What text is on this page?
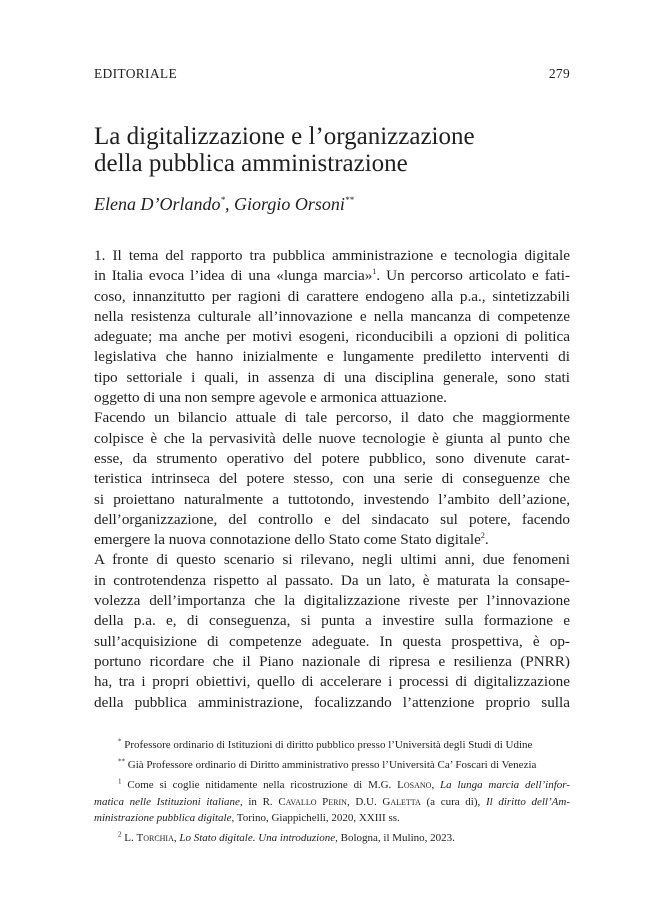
EDITORIALE	279
La digitalizzazione e l’organizzazione
della pubblica amministrazione
Elena D’Orlando*, Giorgio Orsoni**
1. Il tema del rapporto tra pubblica amministrazione e tecnologia digitale
in Italia evoca l’idea di una «lunga marcia»$^1$. Un percorso articolato e fati-
coso, innanzitutto per ragioni di carattere endogeno alla p.a., sintetizzabili
nella resistenza culturale all’innovazione e nella mancanza di competenze
adeguate; ma anche per motivi esogeni, riconducibili a opzioni di politica
legislativa che hanno inizialmente e lungamente prediletto interventi di
tipo settoriale i quali, in assenza di una disciplina generale, sono stati
oggetto di una non sempre agevole e armonica attuazione.
Facendo un bilancio attuale di tale percorso, il dato che maggiormente
colpisce è che la pervasività delle nuove tecnologie è giunta al punto che
esse, da strumento operativo del potere pubblico, sono divenute carat-
teristica intrinseca del potere stesso, con una serie di conseguenze che
si proiettano naturalmente a tuttotondo, investendo l’ambito dell’azione,
dell’organizzazione, del controllo e del sindacato sul potere, facendo
emergere la nuova connotazione dello Stato come Stato digitale$^2$.
A fronte di questo scenario si rilevano, negli ultimi anni, due fenomeni
in controtendenza rispetto al passato. Da un lato, è maturata la consape-
volezza dell’importanza che la digitalizzazione riveste per l’innovazione
della p.a. e, di conseguenza, si punta a investire sulla formazione e
sull’acquisizione di competenze adeguate. In questa prospettiva, è op-
portuno ricordare che il Piano nazionale di ripresa e resilienza (PNRR)
ha, tra i propri obiettivi, quello di accelerare i processi di digitalizzazione
della pubblica amministrazione, focalizzando l’attenzione proprio sulla
* Professore ordinario di Istituzioni di diritto pubblico presso l’Università degli Studi di Udine
** Già Professore ordinario di Diritto amministrativo presso l’Università Ca’ Foscari di Venezia
$^1$ Come si coglie nitidamente nella ricostruzione di M.G. Losano, La lunga marcia dell’infor-
matica nelle Istituzioni italiane, in R. Cavallo Perin, D.U. Galetta (a cura di), Il diritto dell’Am-
ministrazione pubblica digitale, Torino, Giappichelli, 2020, XXIII ss.
$^2$ L. Torchia, Lo Stato digitale. Una introduzione, Bologna, il Mulino, 2023.
